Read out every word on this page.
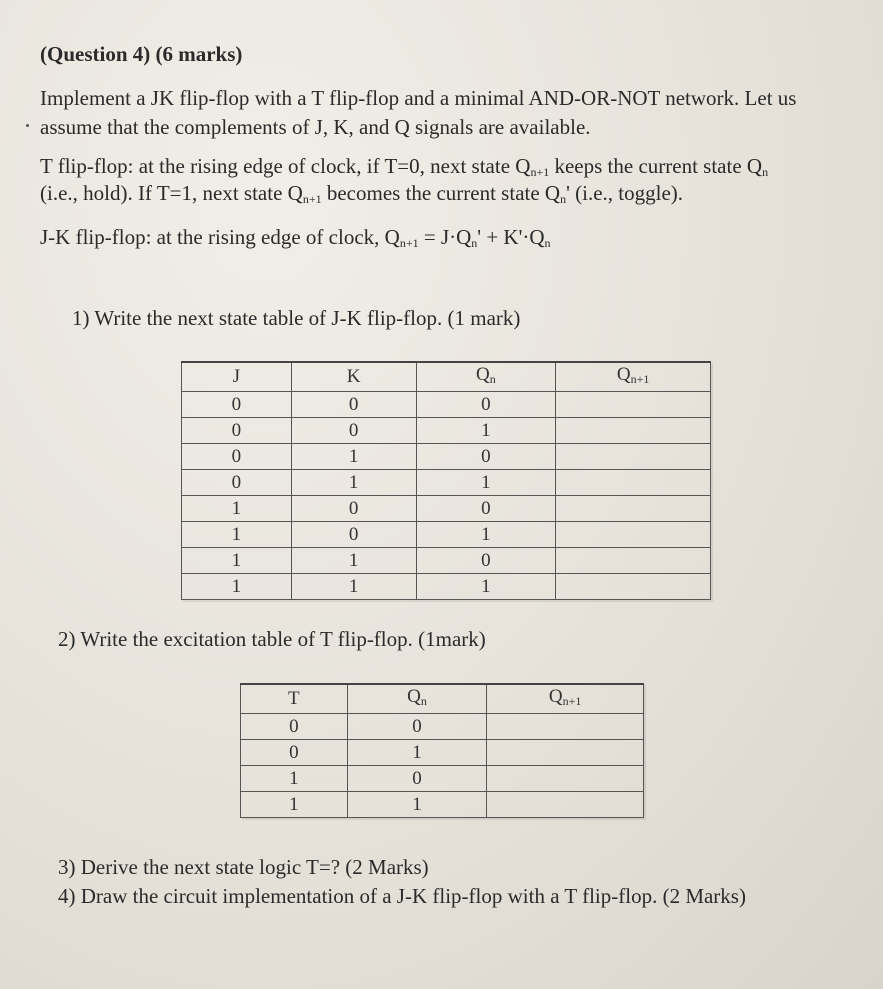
(Question 4) (6 marks)
Implement a JK flip-flop with a T flip-flop and a minimal AND-OR-NOT network. Let us
assume that the complements of J, K, and Q signals are available.
T flip-flop: at the rising edge of clock, if T=0, next state $Q_{n+1}$ keeps the current state $Q_n$
(i.e., hold). If T=1, next state $Q_{n+1}$ becomes the current state $Q_n'$ (i.e., toggle).
J-K flip-flop: at the rising edge of clock, $Q_{n+1} = J\cdot Q_n' + K'\cdot Q_n$
1) Write the next state table of J-K flip-flop. (1 mark)
J	K	$Q_n$	$Q_{n+1}$
0	0	0	
0	0	1	
0	1	0	
0	1	1	
1	0	0	
1	0	1	
1	1	0	
1	1	1	
2) Write the excitation table of T flip-flop. (1mark)
T	$Q_n$	$Q_{n+1}$
0	0	
0	1	
1	0	
1	1	
3) Derive the next state logic T=? (2 Marks)
4) Draw the circuit implementation of a J-K flip-flop with a T flip-flop. (2 Marks)
